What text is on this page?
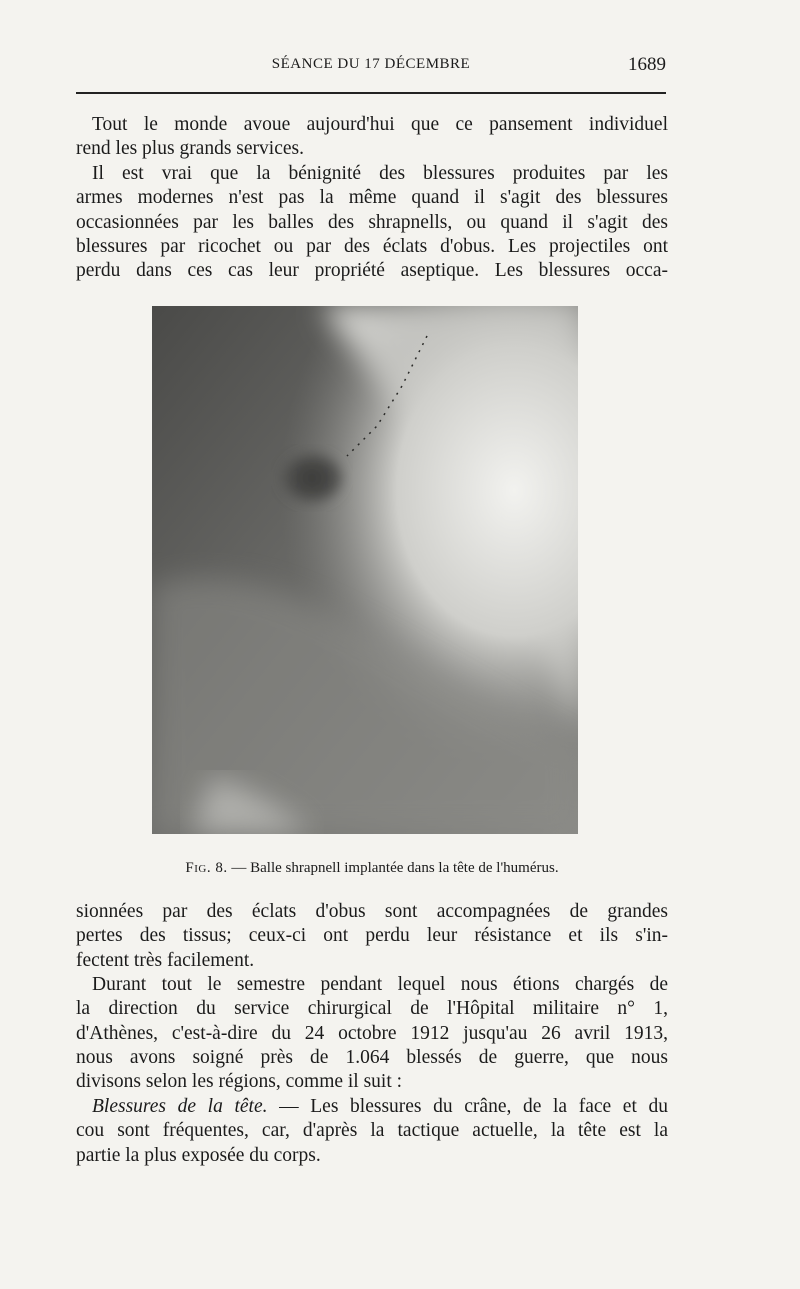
SÉANCE DU 17 DÉCEMBRE	1689
Tout le monde avoue aujourd'hui que ce pansement individuel
rend les plus grands services.
Il est vrai que la bénignité des blessures produites par les
armes modernes n'est pas la même quand il s'agit des blessures
occasionnées par les balles des shrapnells, ou quand il s'agit des
blessures par ricochet ou par des éclats d'obus. Les projectiles ont
perdu dans ces cas leur propriété aseptique. Les blessures occa-
Fig. 8. — Balle shrapnell implantée dans la tête de l'humérus.
sionnées par des éclats d'obus sont accompagnées de grandes
pertes des tissus; ceux-ci ont perdu leur résistance et ils s'in-
fectent très facilement.
Durant tout le semestre pendant lequel nous étions chargés de
la direction du service chirurgical de l'Hôpital militaire n° 1,
d'Athènes, c'est-à-dire du 24 octobre 1912 jusqu'au 26 avril 1913,
nous avons soigné près de 1.064 blessés de guerre, que nous
divisons selon les régions, comme il suit :
Blessures de la tête. — Les blessures du crâne, de la face et du
cou sont fréquentes, car, d'après la tactique actuelle, la tête est la
partie la plus exposée du corps.
